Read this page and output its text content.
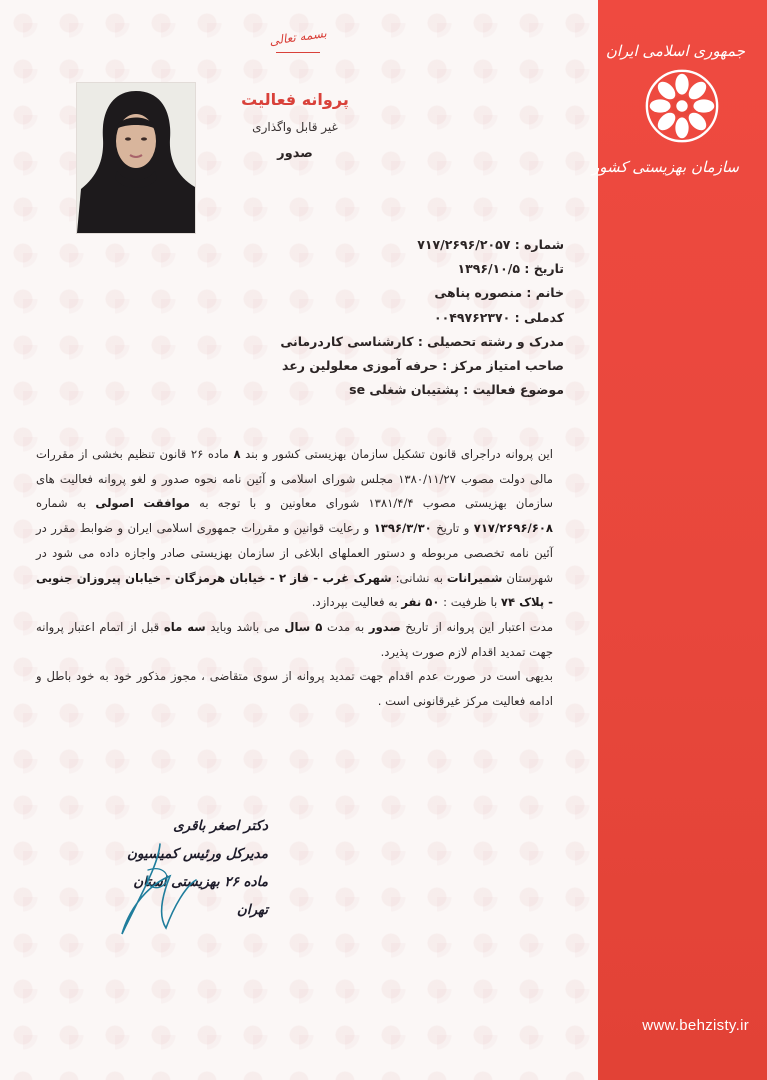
جمهوری اسلامی ایران
سازمان بهزیستی کشور
www.behzisty.ir
بسمه تعالی
پروانه فعالیت
غیر قابل واگذاری
صدور
شماره : ۷۱۷/۲۶۹۶/۲۰۵۷
تاریخ : ۱۳۹۶/۱۰/۵
خانم : منصوره پناهی
کدملی : ۰۰۴۹۷۶۲۳۷۰
مدرک و رشته تحصیلی : کارشناسی کاردرمانی
صاحب امتیاز مرکز : حرفه آموزی معلولین رعد
موضوع فعالیت : پشتیبان شغلی se

این پروانه دراجرای قانون تشکیل سازمان بهزیستی کشور و بند ۸ ماده ۲۶ قانون تنظیم بخشی از مقررات مالی دولت مصوب ۱۳۸۰/۱۱/۲۷ مجلس شورای اسلامی و آئین نامه نحوه صدور و لغو پروانه فعالیت های سازمان بهزیستی مصوب ۱۳۸۱/۴/۴ شورای معاونین و با توجه به موافقت اصولی به شماره ۷۱۷/۲۶۹۶/۶۰۸ و تاریخ ۱۳۹۶/۳/۳۰ و رعایت قوانین و مقررات جمهوری اسلامی ایران و ضوابط مقرر در آئین نامه تخصصی مربوطه و دستور العملهای ابلاغی از سازمان بهزیستی صادر واجازه داده می شود در شهرستان شمیرانات به نشانی: شهرک غرب - فاز ۲ - خیابان هرمزگان - خیابان پیروزان جنوبی - پلاک ۷۴ با ظرفیت : ۵۰ نفر به فعالیت بپردازد.

مدت اعتبار این پروانه از تاریخ صدور به مدت ۵ سال می باشد وباید سه ماه قبل از اتمام اعتبار پروانه جهت تمدید اقدام لازم صورت پذیرد.

بدیهی است در صورت عدم اقدام جهت تمدید پروانه از سوی متقاضی ، مجوز مذکور خود به خود باطل و ادامه فعالیت مرکز غیرقانونی است .

دکتر اصغر باقری
مدیرکل ورئیس کمیسیون
ماده ۲۶ بهزیستی استان تهران
